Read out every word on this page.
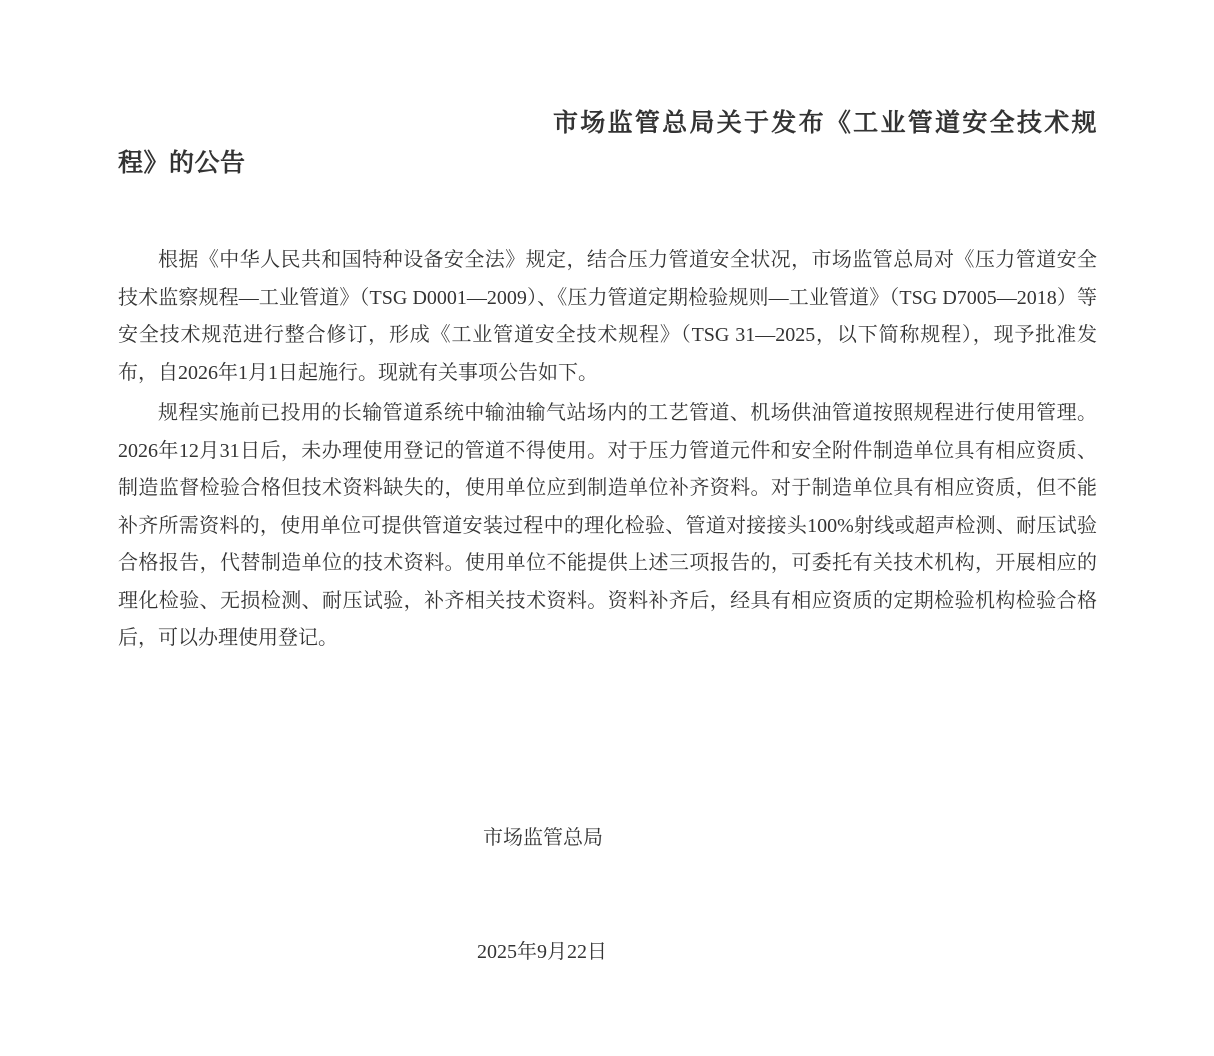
市场监管总局关于发布《工业管道安全技术规程》的公告

根据《中华人民共和国特种设备安全法》规定，结合压力管道安全状况，市场监管总局对《压力管道安全技术监察规程—工业管道》（TSG D0001—2009）、《压力管道定期检验规则—工业管道》（TSG D7005—2018）等安全技术规范进行整合修订，形成《工业管道安全技术规程》（TSG 31—2025，以下简称规程），现予批准发布，自2026年1月1日起施行。现就有关事项公告如下。

规程实施前已投用的长输管道系统中输油输气站场内的工艺管道、机场供油管道按照规程进行使用管理。2026年12月31日后，未办理使用登记的管道不得使用。对于压力管道元件和安全附件制造单位具有相应资质、制造监督检验合格但技术资料缺失的，使用单位应到制造单位补齐资料。对于制造单位具有相应资质，但不能补齐所需资料的，使用单位可提供管道安装过程中的理化检验、管道对接接头100%射线或超声检测、耐压试验合格报告，代替制造单位的技术资料。使用单位不能提供上述三项报告的，可委托有关技术机构，开展相应的理化检验、无损检测、耐压试验，补齐相关技术资料。资料补齐后，经具有相应资质的定期检验机构检验合格后，可以办理使用登记。

市场监管总局

2025年9月22日
